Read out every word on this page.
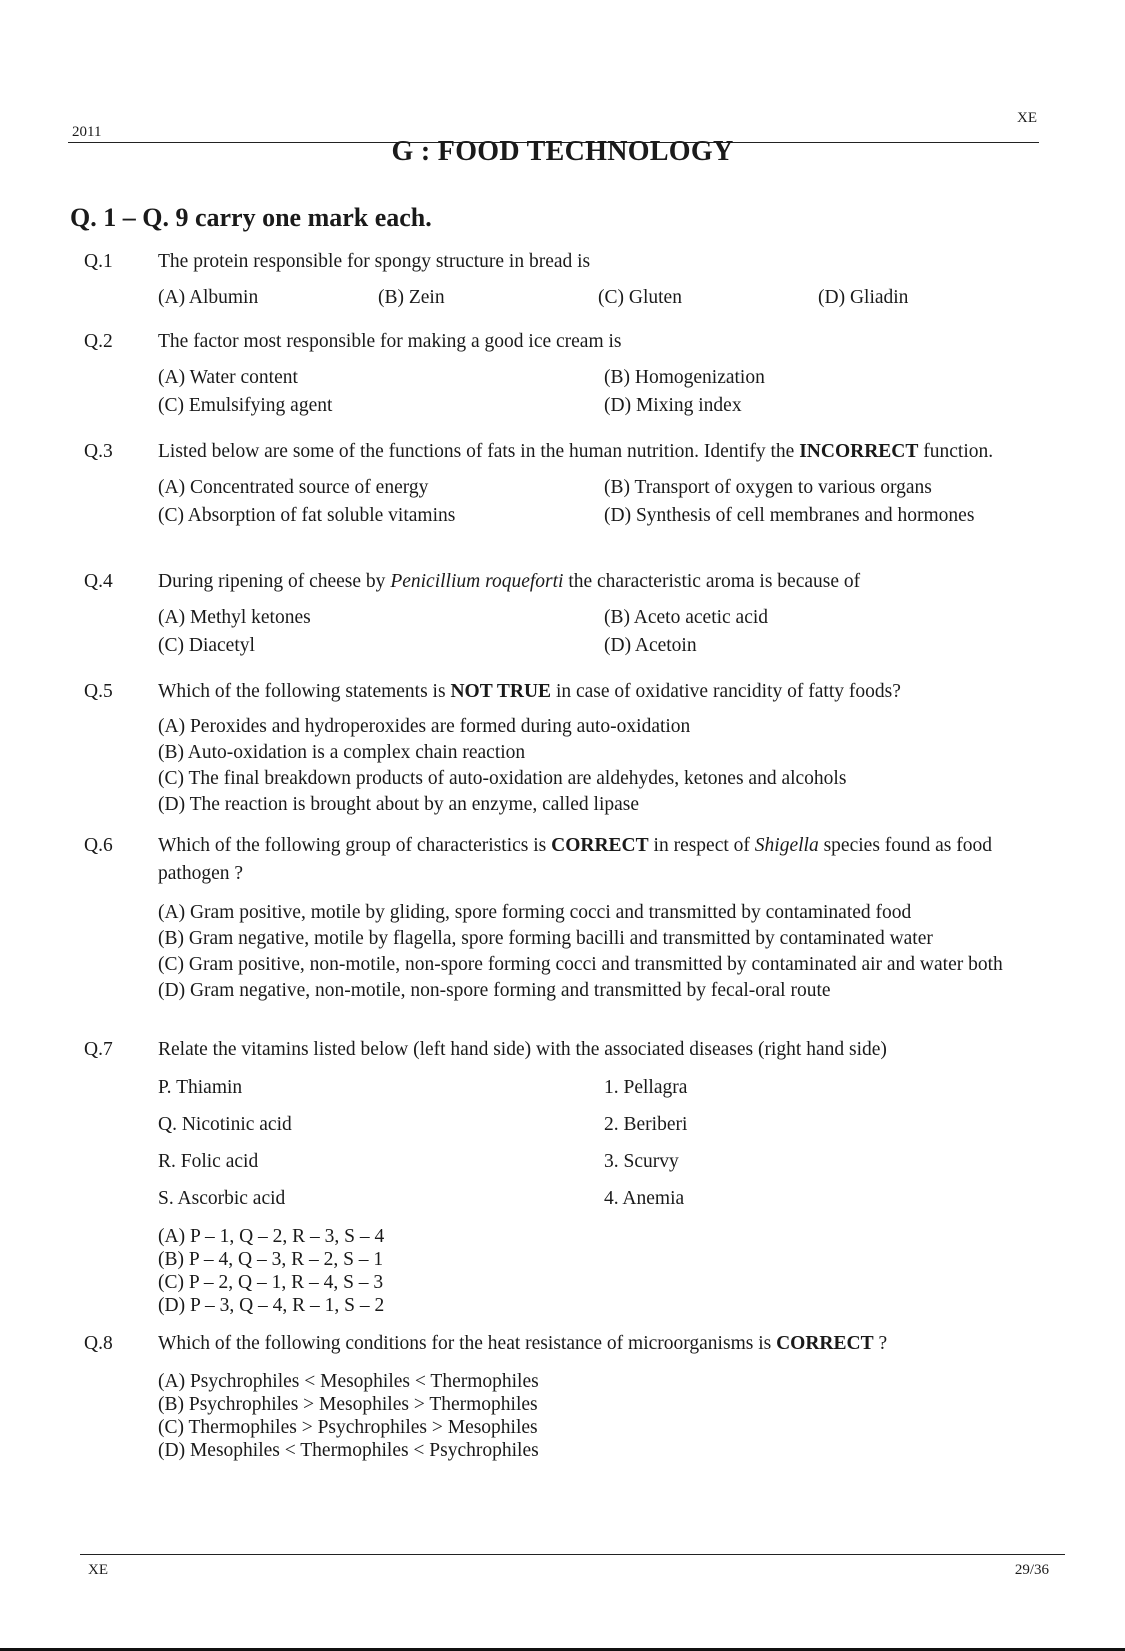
2011
XE
G : FOOD TECHNOLOGY
Q. 1 – Q. 9 carry one mark each.
Q.1	The protein responsible for spongy structure in bread is
(A) Albumin	(B) Zein	(C) Gluten	(D) Gliadin
Q.2	The factor most responsible for making a good ice cream is
(A) Water content	(B) Homogenization
(C) Emulsifying agent	(D) Mixing index
Q.3	Listed below are some of the functions of fats in the human nutrition. Identify the INCORRECT function.
(A) Concentrated source of energy	(B) Transport of oxygen to various organs
(C) Absorption of fat soluble vitamins	(D) Synthesis of cell membranes and hormones
Q.4	During ripening of cheese by Penicillium roqueforti the characteristic aroma is because of
(A) Methyl ketones	(B) Aceto acetic acid
(C) Diacetyl	(D) Acetoin
Q.5	Which of the following statements is NOT TRUE in case of oxidative rancidity of fatty foods?
(A) Peroxides and hydroperoxides are formed during auto-oxidation
(B) Auto-oxidation is a complex chain reaction
(C) The final breakdown products of auto-oxidation are aldehydes, ketones and alcohols
(D) The reaction is brought about by an enzyme, called lipase
Q.6	Which of the following group of characteristics is CORRECT in respect of Shigella species found as food pathogen ?
(A) Gram positive, motile by gliding, spore forming cocci and transmitted by contaminated food
(B) Gram negative, motile by flagella, spore forming bacilli and transmitted by contaminated water
(C) Gram positive, non-motile, non-spore forming cocci and transmitted by contaminated air and water both
(D) Gram negative, non-motile, non-spore forming and transmitted by fecal-oral route
Q.7	Relate the vitamins listed below (left hand side) with the associated diseases (right hand side)
P. Thiamin	1. Pellagra
Q. Nicotinic acid	2. Beriberi
R. Folic acid	3. Scurvy
S. Ascorbic acid	4. Anemia
(A) P – 1, Q – 2, R – 3, S – 4
(B) P – 4, Q – 3, R – 2, S – 1
(C) P – 2, Q – 1, R – 4, S – 3
(D) P – 3, Q – 4, R – 1, S – 2
Q.8	Which of the following conditions for the heat resistance of microorganisms is CORRECT ?
(A) Psychrophiles < Mesophiles < Thermophiles
(B) Psychrophiles > Mesophiles > Thermophiles
(C) Thermophiles > Psychrophiles > Mesophiles
(D) Mesophiles < Thermophiles < Psychrophiles
XE	29/36
